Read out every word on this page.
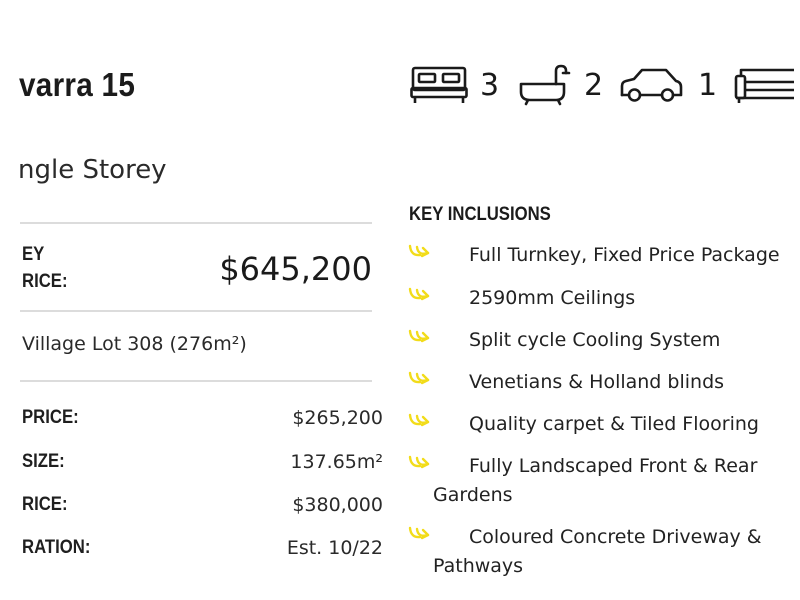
varra 15
ngle Storey
3	2	1
EY
RICE:	$645,200
Village Lot 308 (276m²)
PRICE:	$265,200
SIZE:	137.65m²
RICE:	$380,000
RATION:	Est. 10/22
KEY INCLUSIONS
Full Turnkey, Fixed Price Package
2590mm Ceilings
Split cycle Cooling System
Venetians & Holland blinds
Quality carpet & Tiled Flooring
Fully Landscaped Front & Rear Gardens
Coloured Concrete Driveway & Pathways
